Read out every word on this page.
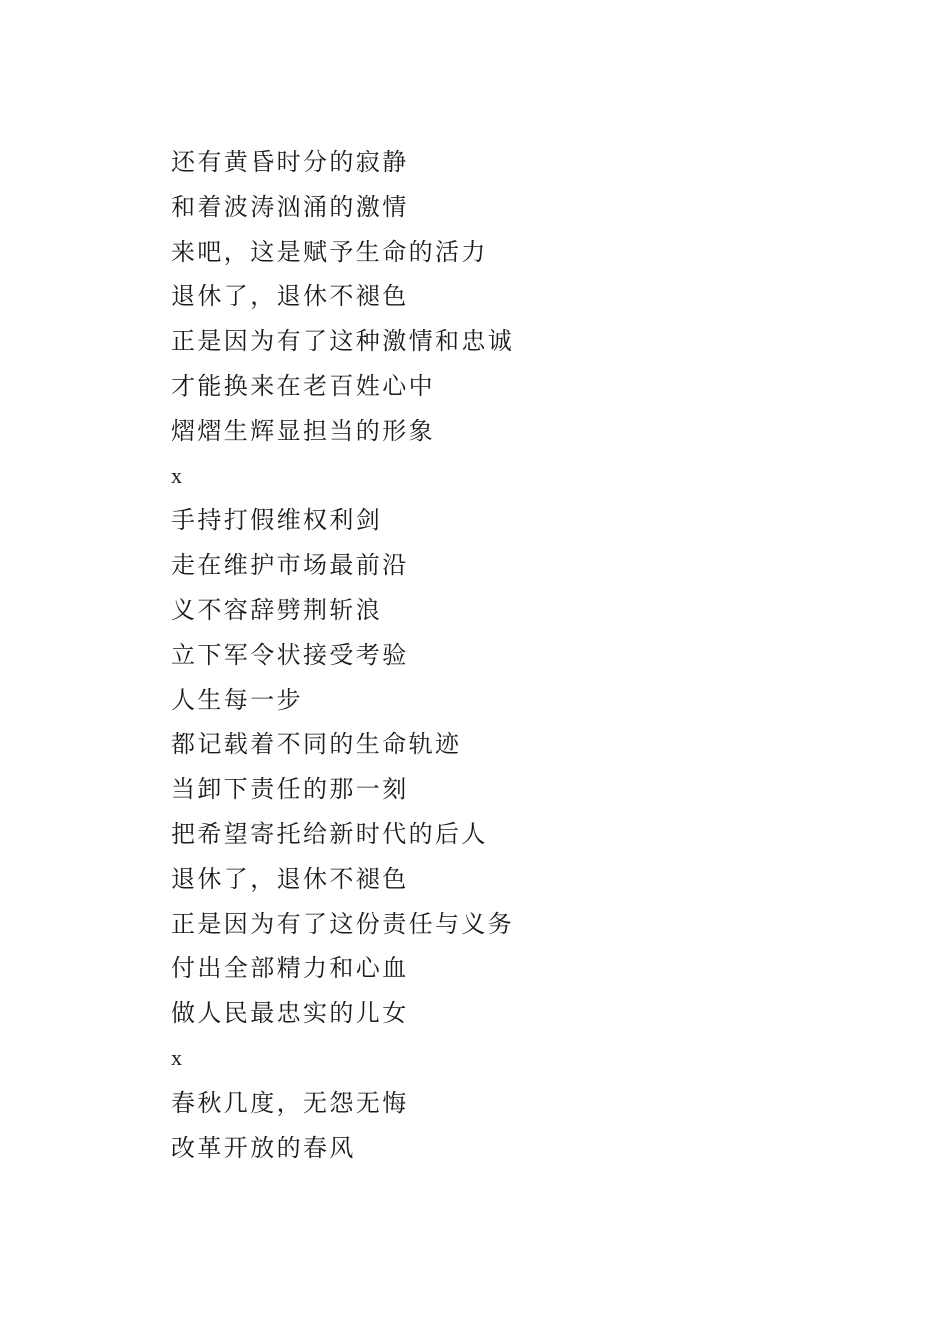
还有黄昏时分的寂静
和着波涛汹涌的激情
来吧，这是赋予生命的活力
退休了，退休不褪色
正是因为有了这种激情和忠诚
才能换来在老百姓心中
熠熠生辉显担当的形象
x
手持打假维权利剑
走在维护市场最前沿
义不容辞劈荆斩浪
立下军令状接受考验
人生每一步
都记载着不同的生命轨迹
当卸下责任的那一刻
把希望寄托给新时代的后人
退休了，退休不褪色
正是因为有了这份责任与义务
付出全部精力和心血
做人民最忠实的儿女
x
春秋几度，无怨无悔
改革开放的春风
